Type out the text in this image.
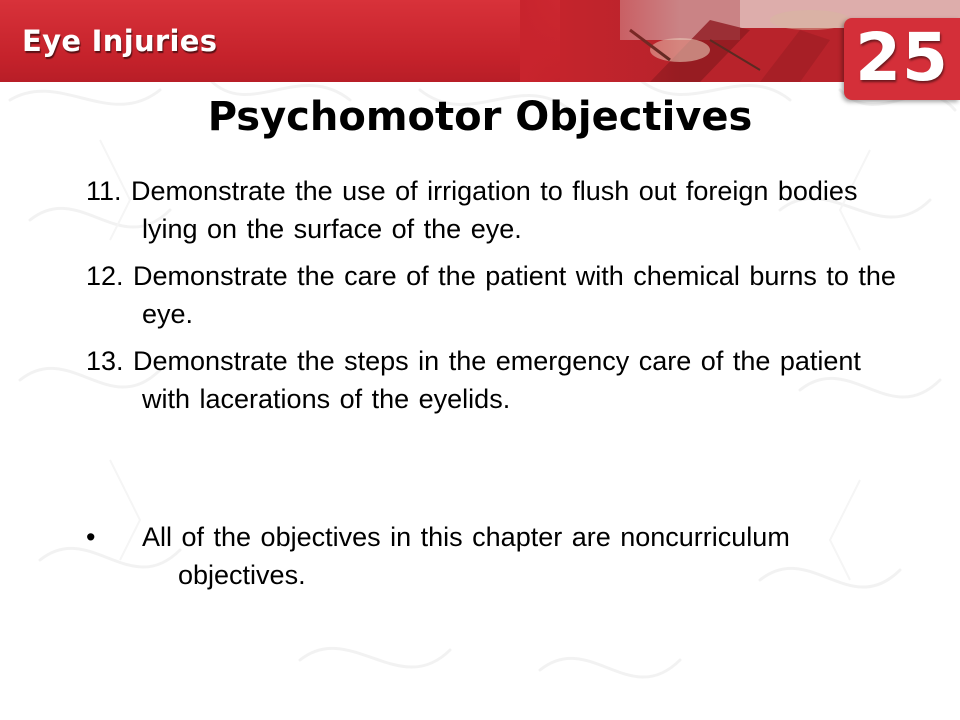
Eye Injuries	25
Psychomotor Objectives
11. Demonstrate the use of irrigation to flush out foreign bodies lying on the surface of the eye.
12. Demonstrate the care of the patient with chemical burns to the eye.
13. Demonstrate the steps in the emergency care of the patient with lacerations of the eyelids.
•	All of the objectives in this chapter are noncurriculum objectives.
